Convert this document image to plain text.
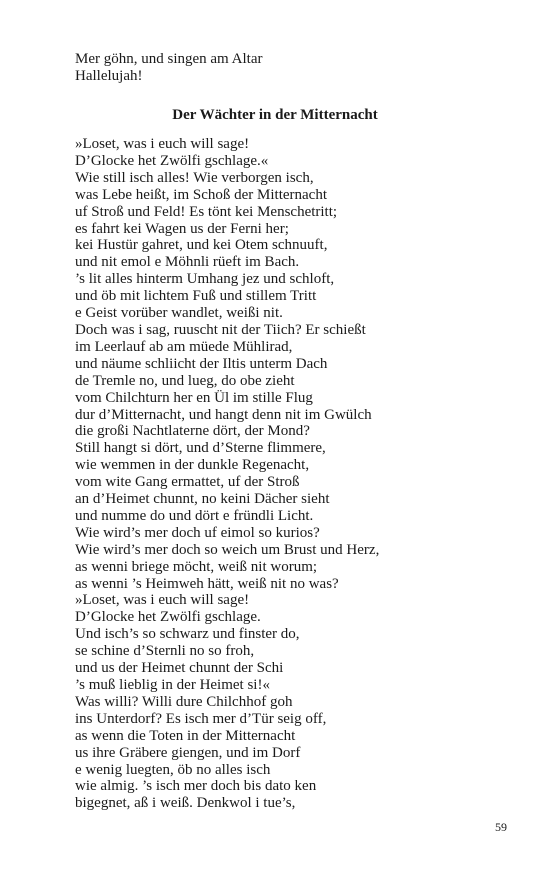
Mer göhn, und singen am Altar
Hallelujah!
Der Wächter in der Mitternacht
»Loset, was i euch will sage!
D’Glocke het Zwölfi gschlage.«
Wie still isch alles! Wie verborgen isch,
was Lebe heißt, im Schoß der Mitternacht
uf Stroß und Feld! Es tönt kei Menschetritt;
es fahrt kei Wagen us der Ferni her;
kei Hustür gahret, und kei Otem schnuuft,
und nit emol e Möhnli rüeft im Bach.
’s lit alles hinterm Umhang jez und schloft,
und öb mit lichtem Fuß und stillem Tritt
e Geist vorüber wandlet, weißi nit.
Doch was i sag, ruuscht nit der Tiich? Er schießt
im Leerlauf ab am müede Mühlirad,
und näume schliicht der Iltis unterm Dach
de Tremle no, und lueg, do obe zieht
vom Chilchturn her en Ül im stille Flug
dur d’Mitternacht, und hangt denn nit im Gwülch
die großi Nachtlaterne dört, der Mond?
Still hangt si dört, und d’Sterne flimmere,
wie wemmen in der dunkle Regenacht,
vom wite Gang ermattet, uf der Stroß
an d’Heimet chunnt, no keini Dächer sieht
und numme do und dört e fründli Licht.
Wie wird’s mer doch uf eimol so kurios?
Wie wird’s mer doch so weich um Brust und Herz,
as wenni briege möcht, weiß nit worum;
as wenni ’s Heimweh hätt, weiß nit no was?
»Loset, was i euch will sage!
D’Glocke het Zwölfi gschlage.
Und isch’s so schwarz und finster do,
se schine d’Sternli no so froh,
und us der Heimet chunnt der Schi
’s muß lieblig in der Heimet si!«
Was willi? Willi dure Chilchhof goh
ins Unterdorf? Es isch mer d’Tür seig off,
as wenn die Toten in der Mitternacht
us ihre Gräbere giengen, und im Dorf
e wenig luegten, öb no alles isch
wie almig. ’s isch mer doch bis dato ken
bigegnet, aß i weiß. Denkwol i tue’s,
59
